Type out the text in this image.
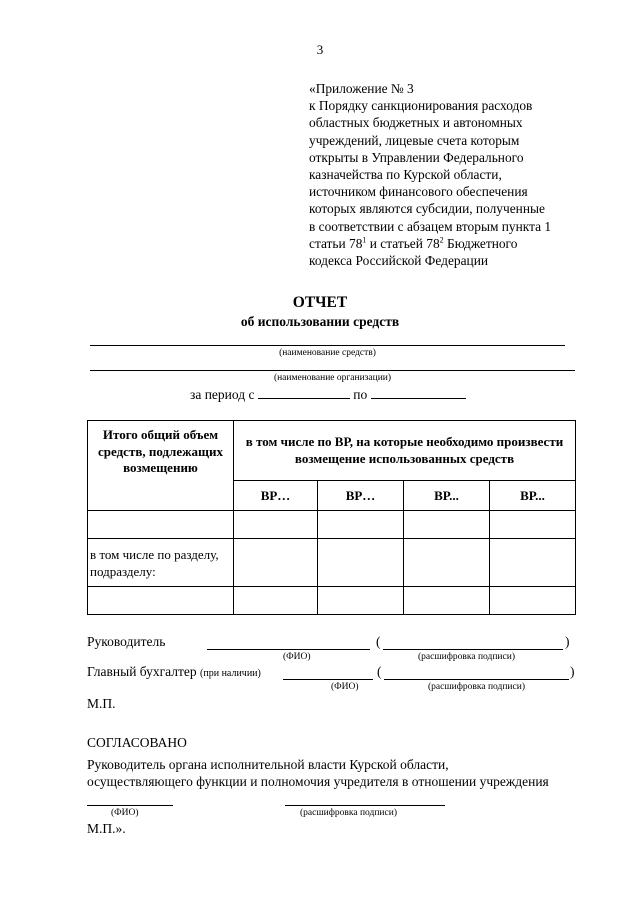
3
«Приложение № 3
к Порядку санкционирования расходов
областных бюджетных и автономных
учреждений, лицевые счета которым
открыты в Управлении Федерального
казначейства по Курской области,
источником финансового обеспечения
которых являются субсидии, полученные
в соответствии с абзацем вторым пункта 1
статьи $78^1$ и статьей $78^2$ Бюджетного
кодекса Российской Федерации
ОТЧЕТ
об использовании средств
(наименование средств)
(наименование организации)
за период с	по
Итого общий объем средств, подлежащих возмещению	в том числе по ВР, на которые необходимо произвести возмещение использованных средств			
	ВР…	ВР…	ВР...	ВР...

в том числе по разделу, подразделу:				

Руководитель
(ФИО)
(	)
(расшифровка подписи)
Главный бухгалтер (при наличии)
(ФИО)
(	)
(расшифровка подписи)
М.П.
СОГЛАСОВАНО
Руководитель органа исполнительной власти Курской области,
осуществляющего функции и полномочия учредителя в отношении учреждения
(ФИО)	(расшифровка подписи)
М.П.».
